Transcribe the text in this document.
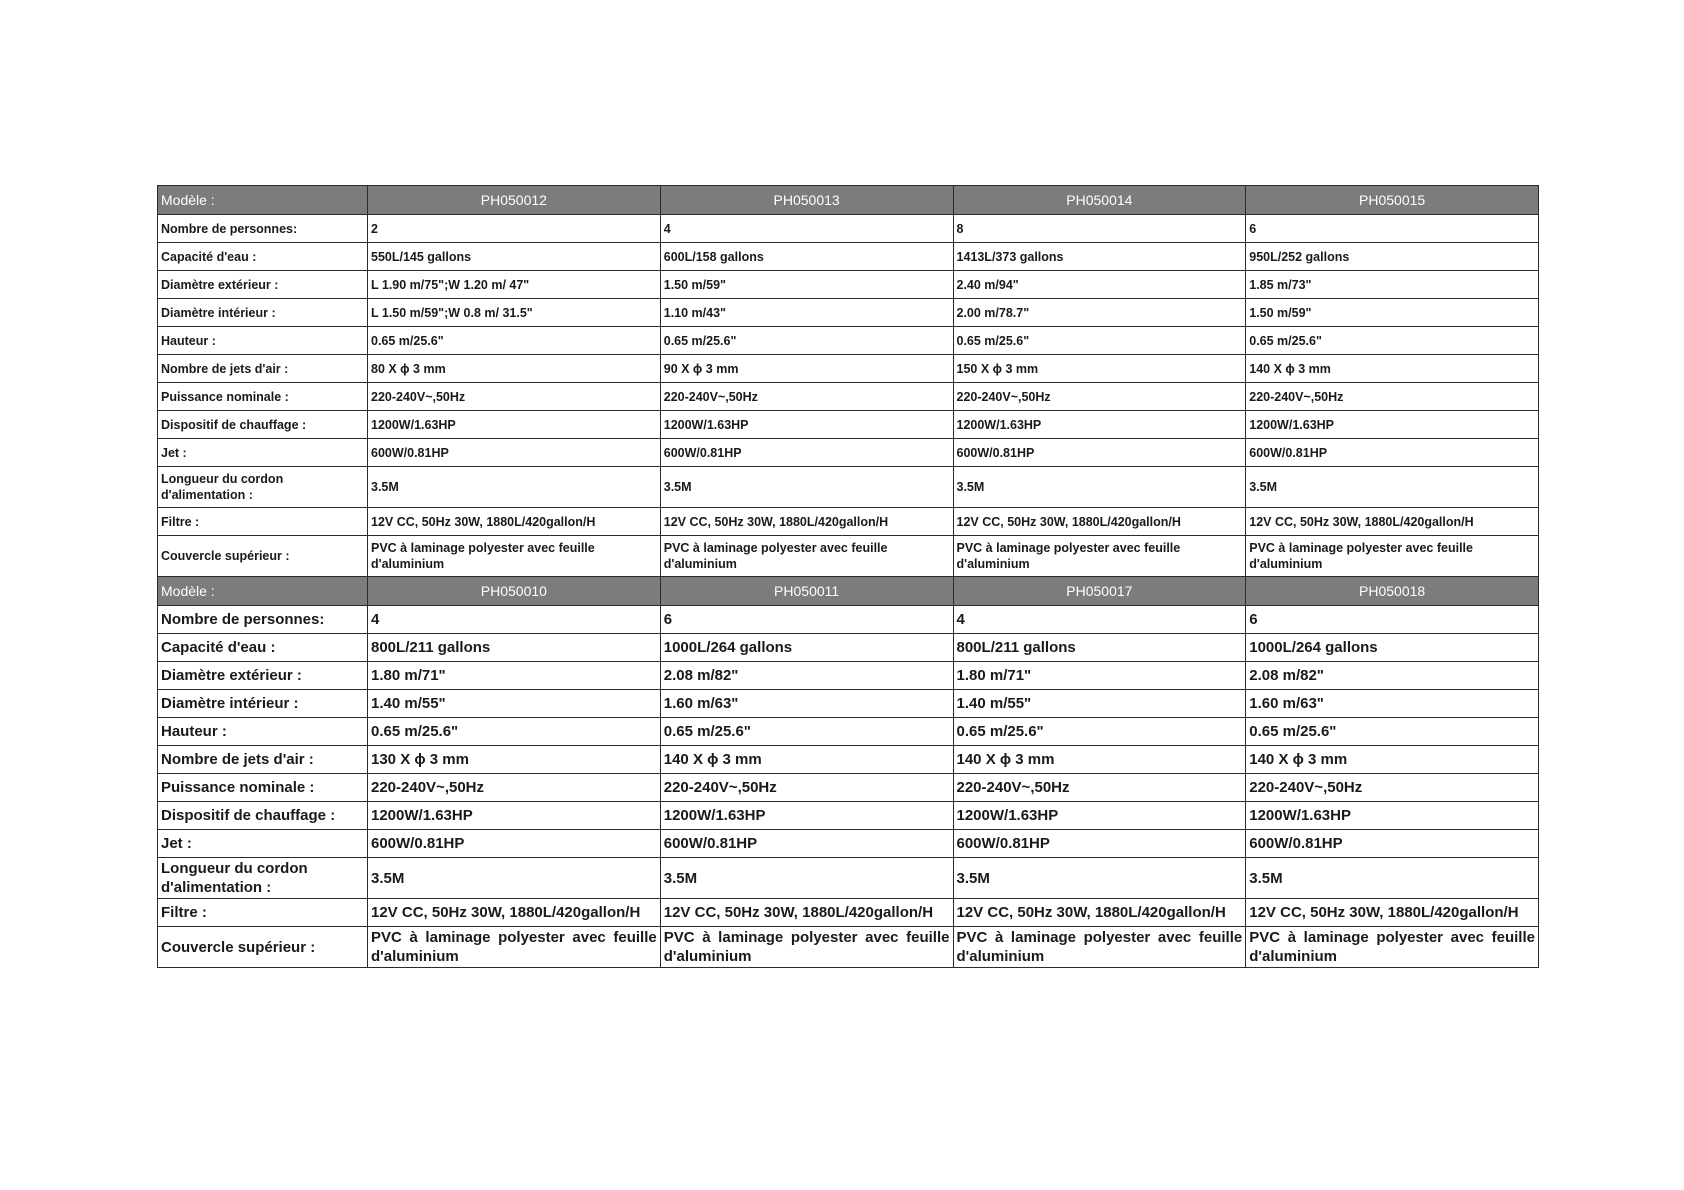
Modèle :	PH050012	PH050013	PH050014	PH050015
Nombre de personnes:	2	4	8	6
Capacité d'eau :	550L/145 gallons	600L/158 gallons	1413L/373 gallons	950L/252 gallons
Diamètre extérieur :	L 1.90 m/75";W 1.20 m/ 47"	1.50 m/59"	2.40 m/94"	1.85 m/73"
Diamètre intérieur :	L 1.50 m/59";W 0.8 m/ 31.5"	1.10 m/43"	2.00 m/78.7"	1.50 m/59"
Hauteur :	0.65 m/25.6"	0.65 m/25.6"	0.65 m/25.6"	0.65 m/25.6"
Nombre de jets d'air :	80 X ϕ 3 mm	90 X ϕ 3 mm	150 X ϕ 3 mm	140 X ϕ 3 mm
Puissance nominale :	220-240V~,50Hz	220-240V~,50Hz	220-240V~,50Hz	220-240V~,50Hz
Dispositif de chauffage :	1200W/1.63HP	1200W/1.63HP	1200W/1.63HP	1200W/1.63HP
Jet :	600W/0.81HP	600W/0.81HP	600W/0.81HP	600W/0.81HP
Longueur du cordon d'alimentation :	3.5M	3.5M	3.5M	3.5M
Filtre :	12V CC, 50Hz 30W, 1880L/420gallon/H	12V CC, 50Hz 30W, 1880L/420gallon/H	12V CC, 50Hz 30W, 1880L/420gallon/H	12V CC, 50Hz 30W, 1880L/420gallon/H
Couvercle supérieur :	PVC à laminage polyester avec feuille d'aluminium	PVC à laminage polyester avec feuille d'aluminium	PVC à laminage polyester avec feuille d'aluminium	PVC à laminage polyester avec feuille d'aluminium
Modèle :	PH050010	PH050011	PH050017	PH050018
Nombre de personnes:	4	6	4	6
Capacité d'eau :	800L/211 gallons	1000L/264 gallons	800L/211 gallons	1000L/264 gallons
Diamètre extérieur :	1.80 m/71"	2.08 m/82"	1.80 m/71"	2.08 m/82"
Diamètre intérieur :	1.40 m/55"	1.60 m/63"	1.40 m/55"	1.60 m/63"
Hauteur :	0.65 m/25.6"	0.65 m/25.6"	0.65 m/25.6"	0.65 m/25.6"
Nombre de jets d'air :	130 X ϕ 3 mm	140 X ϕ 3 mm	140 X ϕ 3 mm	140 X ϕ 3 mm
Puissance nominale :	220-240V~,50Hz	220-240V~,50Hz	220-240V~,50Hz	220-240V~,50Hz
Dispositif de chauffage :	1200W/1.63HP	1200W/1.63HP	1200W/1.63HP	1200W/1.63HP
Jet :	600W/0.81HP	600W/0.81HP	600W/0.81HP	600W/0.81HP
Longueur du cordon d'alimentation :	3.5M	3.5M	3.5M	3.5M
Filtre :	12V CC, 50Hz 30W, 1880L/420gallon/H	12V CC, 50Hz 30W, 1880L/420gallon/H	12V CC, 50Hz 30W, 1880L/420gallon/H	12V CC, 50Hz 30W, 1880L/420gallon/H
Couvercle supérieur :	PVC à laminage polyester avec feuille d'aluminium	PVC à laminage polyester avec feuille d'aluminium	PVC à laminage polyester avec feuille d'aluminium	PVC à laminage polyester avec feuille d'aluminium
